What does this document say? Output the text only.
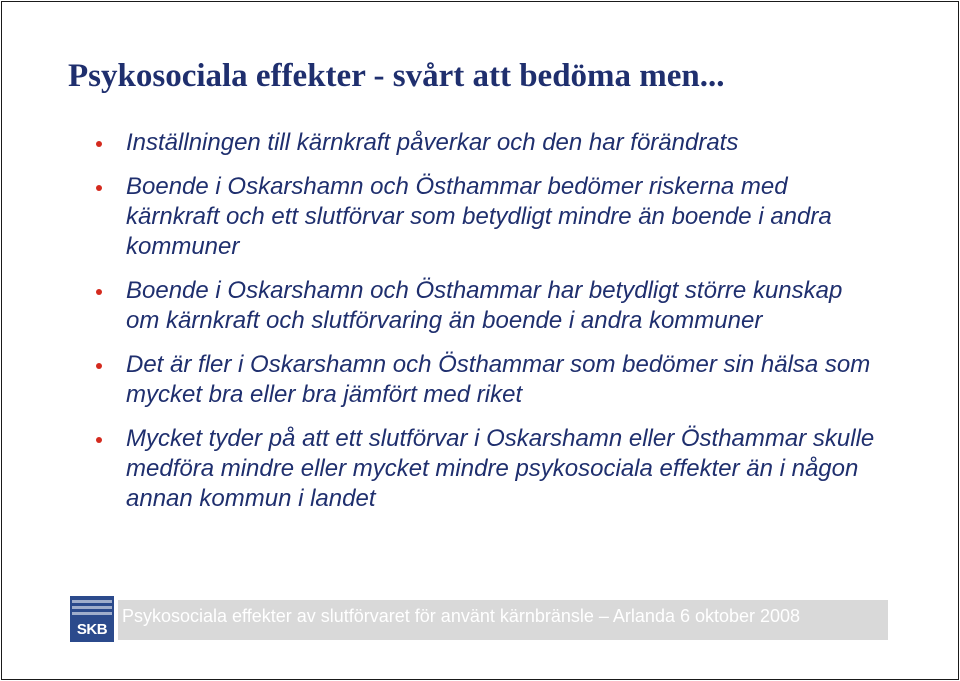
Psykosociala effekter - svårt att bedöma men...
Inställningen till kärnkraft påverkar och den har förändrats
Boende i Oskarshamn och Östhammar bedömer riskerna med kärnkraft och ett slutförvar som betydligt mindre än boende i andra kommuner
Boende i Oskarshamn och Östhammar har betydligt större kunskap om kärnkraft och slutförvaring än boende i andra kommuner
Det är fler i Oskarshamn och Östhammar som bedömer sin hälsa som mycket bra eller bra jämfört med riket
Mycket tyder på att ett slutförvar i Oskarshamn eller Östhammar skulle medföra mindre eller mycket mindre psykosociala effekter än i någon annan kommun i landet
SKB
Psykosociala effekter av slutförvaret för använt kärnbränsle – Arlanda 6 oktober 2008
